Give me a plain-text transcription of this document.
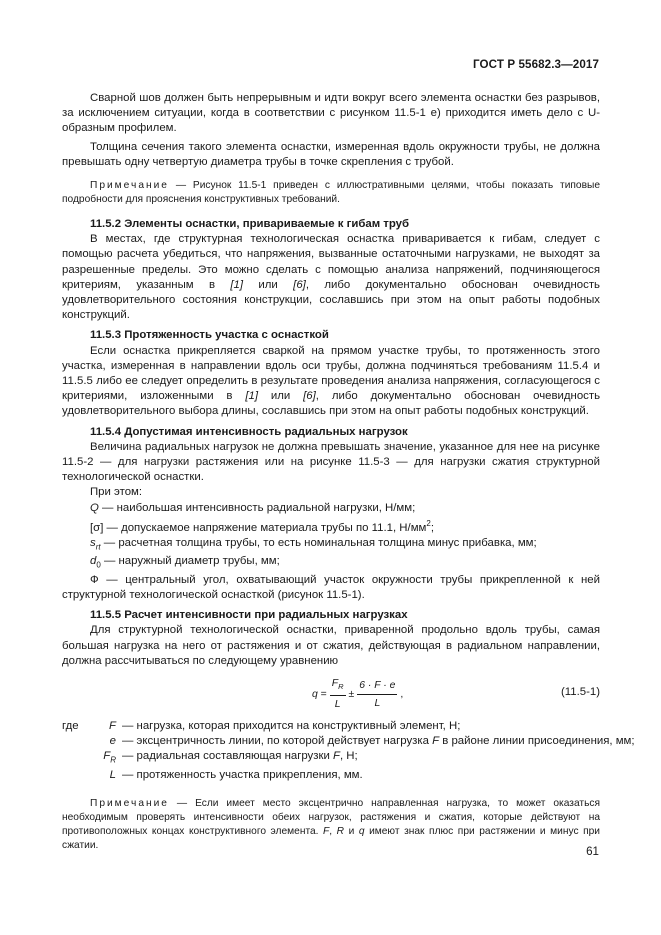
ГОСТ Р 55682.3—2017

Сварной шов должен быть непрерывным и идти вокруг всего элемента оснастки без разрывов, за исключением ситуации, когда в соответствии с рисунком 11.5-1 е) приходится иметь дело с U-образным профилем.

Толщина сечения такого элемента оснастки, измеренная вдоль окружности трубы, не должна превышать одну четвертую диаметра трубы в точке скрепления с трубой.

Примечание — Рисунок 11.5-1 приведен с иллюстративными целями, чтобы показать типовые подробности для прояснения конструктивных требований.

11.5.2 Элементы оснастки, привариваемые к гибам труб

В местах, где структурная технологическая оснастка приваривается к гибам, следует с помощью расчета убедиться, что напряжения, вызванные остаточными нагрузками, не выходят за разрешенные пределы. Это можно сделать с помощью анализа напряжений, подчиняющегося критериям, указанным в [1] или [6], либо документально обоснован очевидность удовлетворительного состояния конструкции, сославшись при этом на опыт работы подобных конструкций.

11.5.3 Протяженность участка с оснасткой

Если оснастка прикрепляется сваркой на прямом участке трубы, то протяженность этого участка, измеренная в направлении вдоль оси трубы, должна подчиняться требованиям 11.5.4 и 11.5.5 либо ее следует определить в результате проведения анализа напряжения, согласующегося с критериями, изложенными в [1] или [6], либо документально обоснован очевидность удовлетворительного выбора длины, сославшись при этом на опыт работы подобных конструкций.

11.5.4 Допустимая интенсивность радиальных нагрузок

Величина радиальных нагрузок не должна превышать значение, указанное для нее на рисунке 11.5-2 — для нагрузки растяжения или на рисунке 11.5-3 — для нагрузки сжатия структурной технологической оснастки.

При этом:

Q — наибольшая интенсивность радиальной нагрузки, Н/мм;

[σ] — допускаемое напряжение материала трубы по 11.1, $Н/мм^2$;

$s_{rt}$ — расчетная толщина трубы, то есть номинальная толщина минус прибавка, мм;

$d_0$ — наружный диаметр трубы, мм;

Ф — центральный угол, охватывающий участок окружности трубы прикрепленной к ней структурной технологической оснасткой (рисунок 11.5-1).

11.5.5 Расчет интенсивности при радиальных нагрузках

Для структурной технологической оснастки, приваренной продольно вдоль трубы, самая большая нагрузка на него от растяжения и от сжатия, действующая в радиальном направлении, должна рассчитываться по следующему уравнению

q
= $\frac{F_R}{L} \pm \frac{6 \cdot F \cdot e}{L}$ ,	(11.5-1)
где	F — нагрузка, которая приходится на конструктивный элемент, Н;
e — эксцентричность линии, по которой действует нагрузка F в районе линии присоединения, мм;
$F_R$ — радиальная составляющая нагрузки F, Н;
L — протяженность участка прикрепления, мм.

Примечание — Если имеет место эксцентрично направленная нагрузка, то может оказаться необходимым проверять интенсивности обеих нагрузок, растяжения и сжатия, которые действуют на противоположных концах конструктивного элемента. F, R и q имеют знак плюс при растяжении и минус при сжатии.	61
